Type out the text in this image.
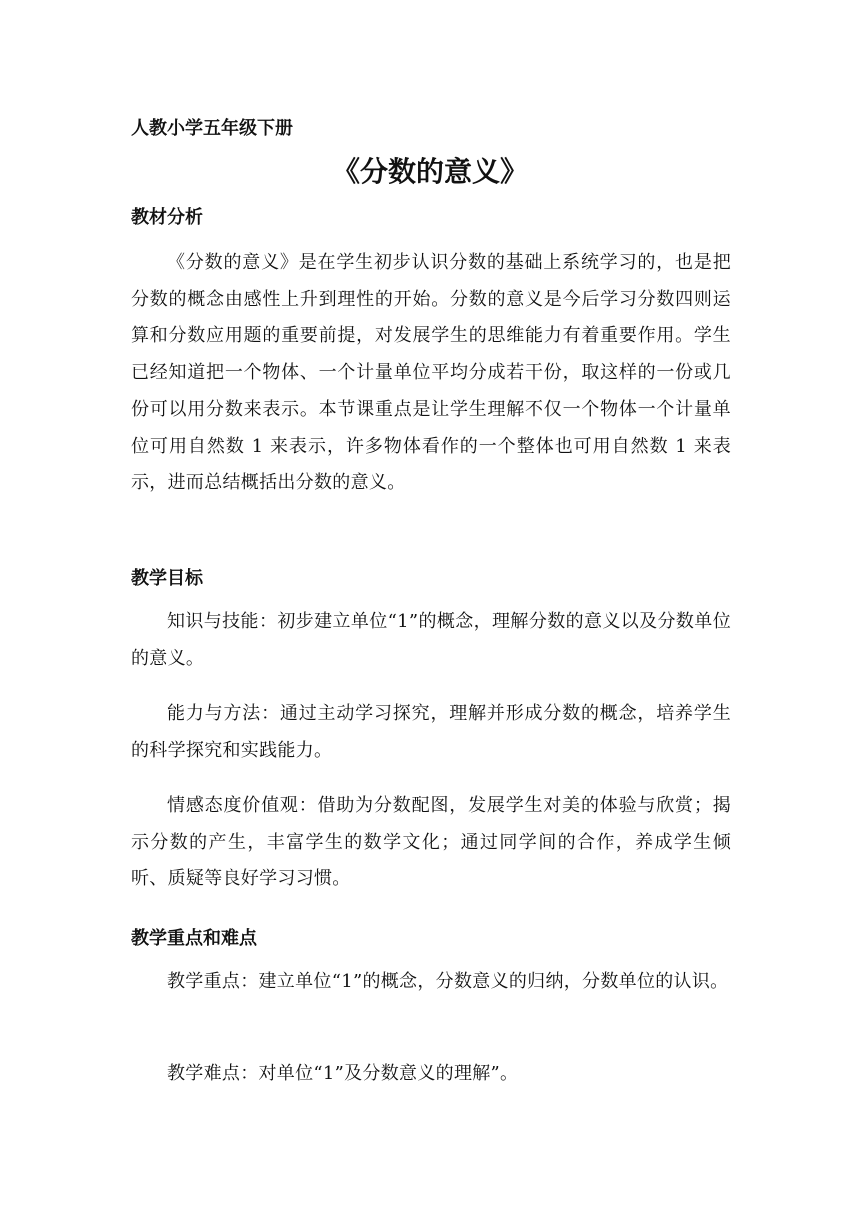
人教小学五年级下册
《分数的意义》
教材分析
《分数的意义》是在学生初步认识分数的基础上系统学习的，也是把分数的概念由感性上升到理性的开始。分数的意义是今后学习分数四则运算和分数应用题的重要前提，对发展学生的思维能力有着重要作用。学生已经知道把一个物体、一个计量单位平均分成若干份，取这样的一份或几份可以用分数来表示。本节课重点是让学生理解不仅一个物体一个计量单位可用自然数 1 来表示，许多物体看作的一个整体也可用自然数 1 来表示，进而总结概括出分数的意义。
教学目标
知识与技能：初步建立单位“1”的概念，理解分数的意义以及分数单位的意义。
能力与方法：通过主动学习探究，理解并形成分数的概念，培养学生的科学探究和实践能力。
情感态度价值观：借助为分数配图，发展学生对美的体验与欣赏；揭示分数的产生，丰富学生的数学文化；通过同学间的合作，养成学生倾听、质疑等良好学习习惯。
教学重点和难点
教学重点：建立单位“1”的概念，分数意义的归纳，分数单位的认识。
教学难点：对单位“1”及分数意义的理解”。
